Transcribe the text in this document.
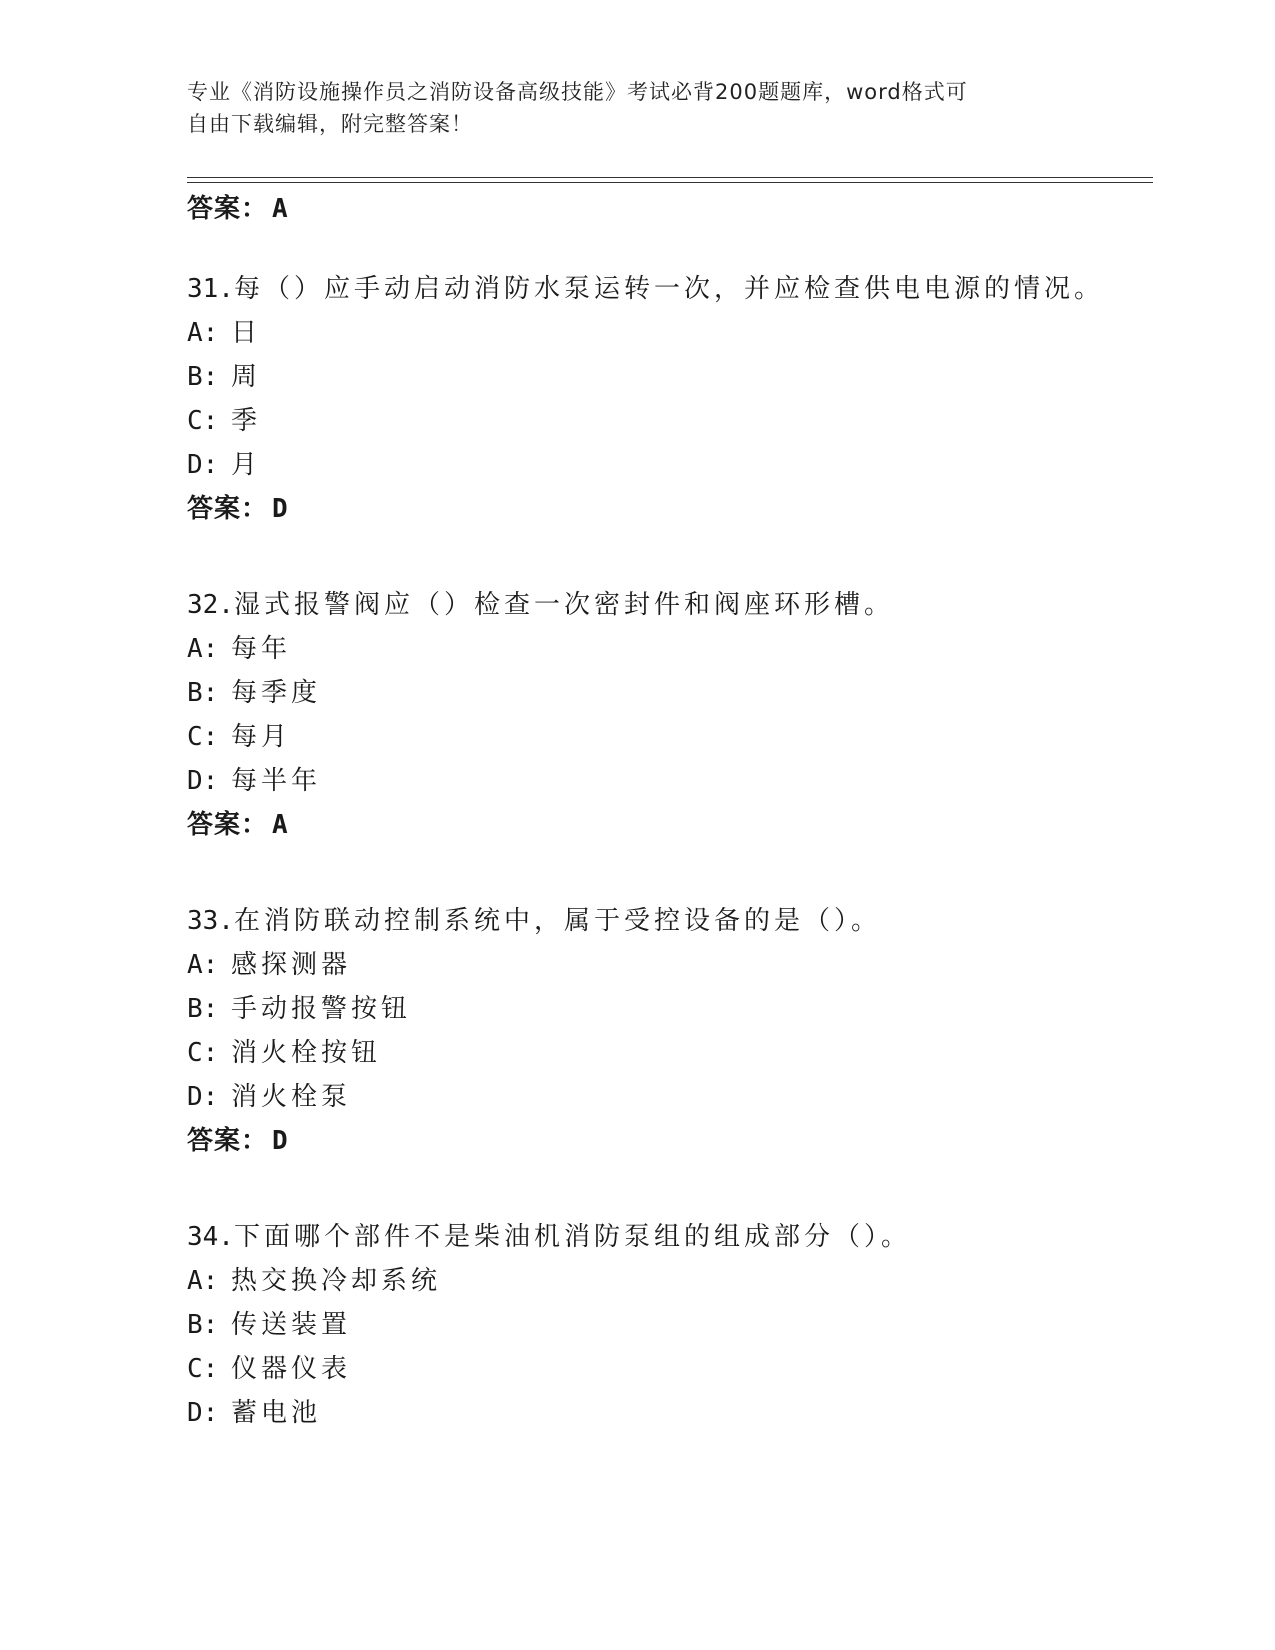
专业《消防设施操作员之消防设备高级技能》考试必背200题题库，word格式可
自由下载编辑，附完整答案！
答案： A
31.每（）应手动启动消防水泵运转一次，并应检查供电电源的情况。
A: 日
B: 周
C: 季
D: 月
答案： D
32.湿式报警阀应（）检查一次密封件和阀座环形槽。
A: 每年
B: 每季度
C: 每月
D: 每半年
答案： A
33.在消防联动控制系统中，属于受控设备的是（）。
A: 感探测器
B: 手动报警按钮
C: 消火栓按钮
D: 消火栓泵
答案： D
34.下面哪个部件不是柴油机消防泵组的组成部分（）。
A: 热交换冷却系统
B: 传送装置
C: 仪器仪表
D: 蓄电池
